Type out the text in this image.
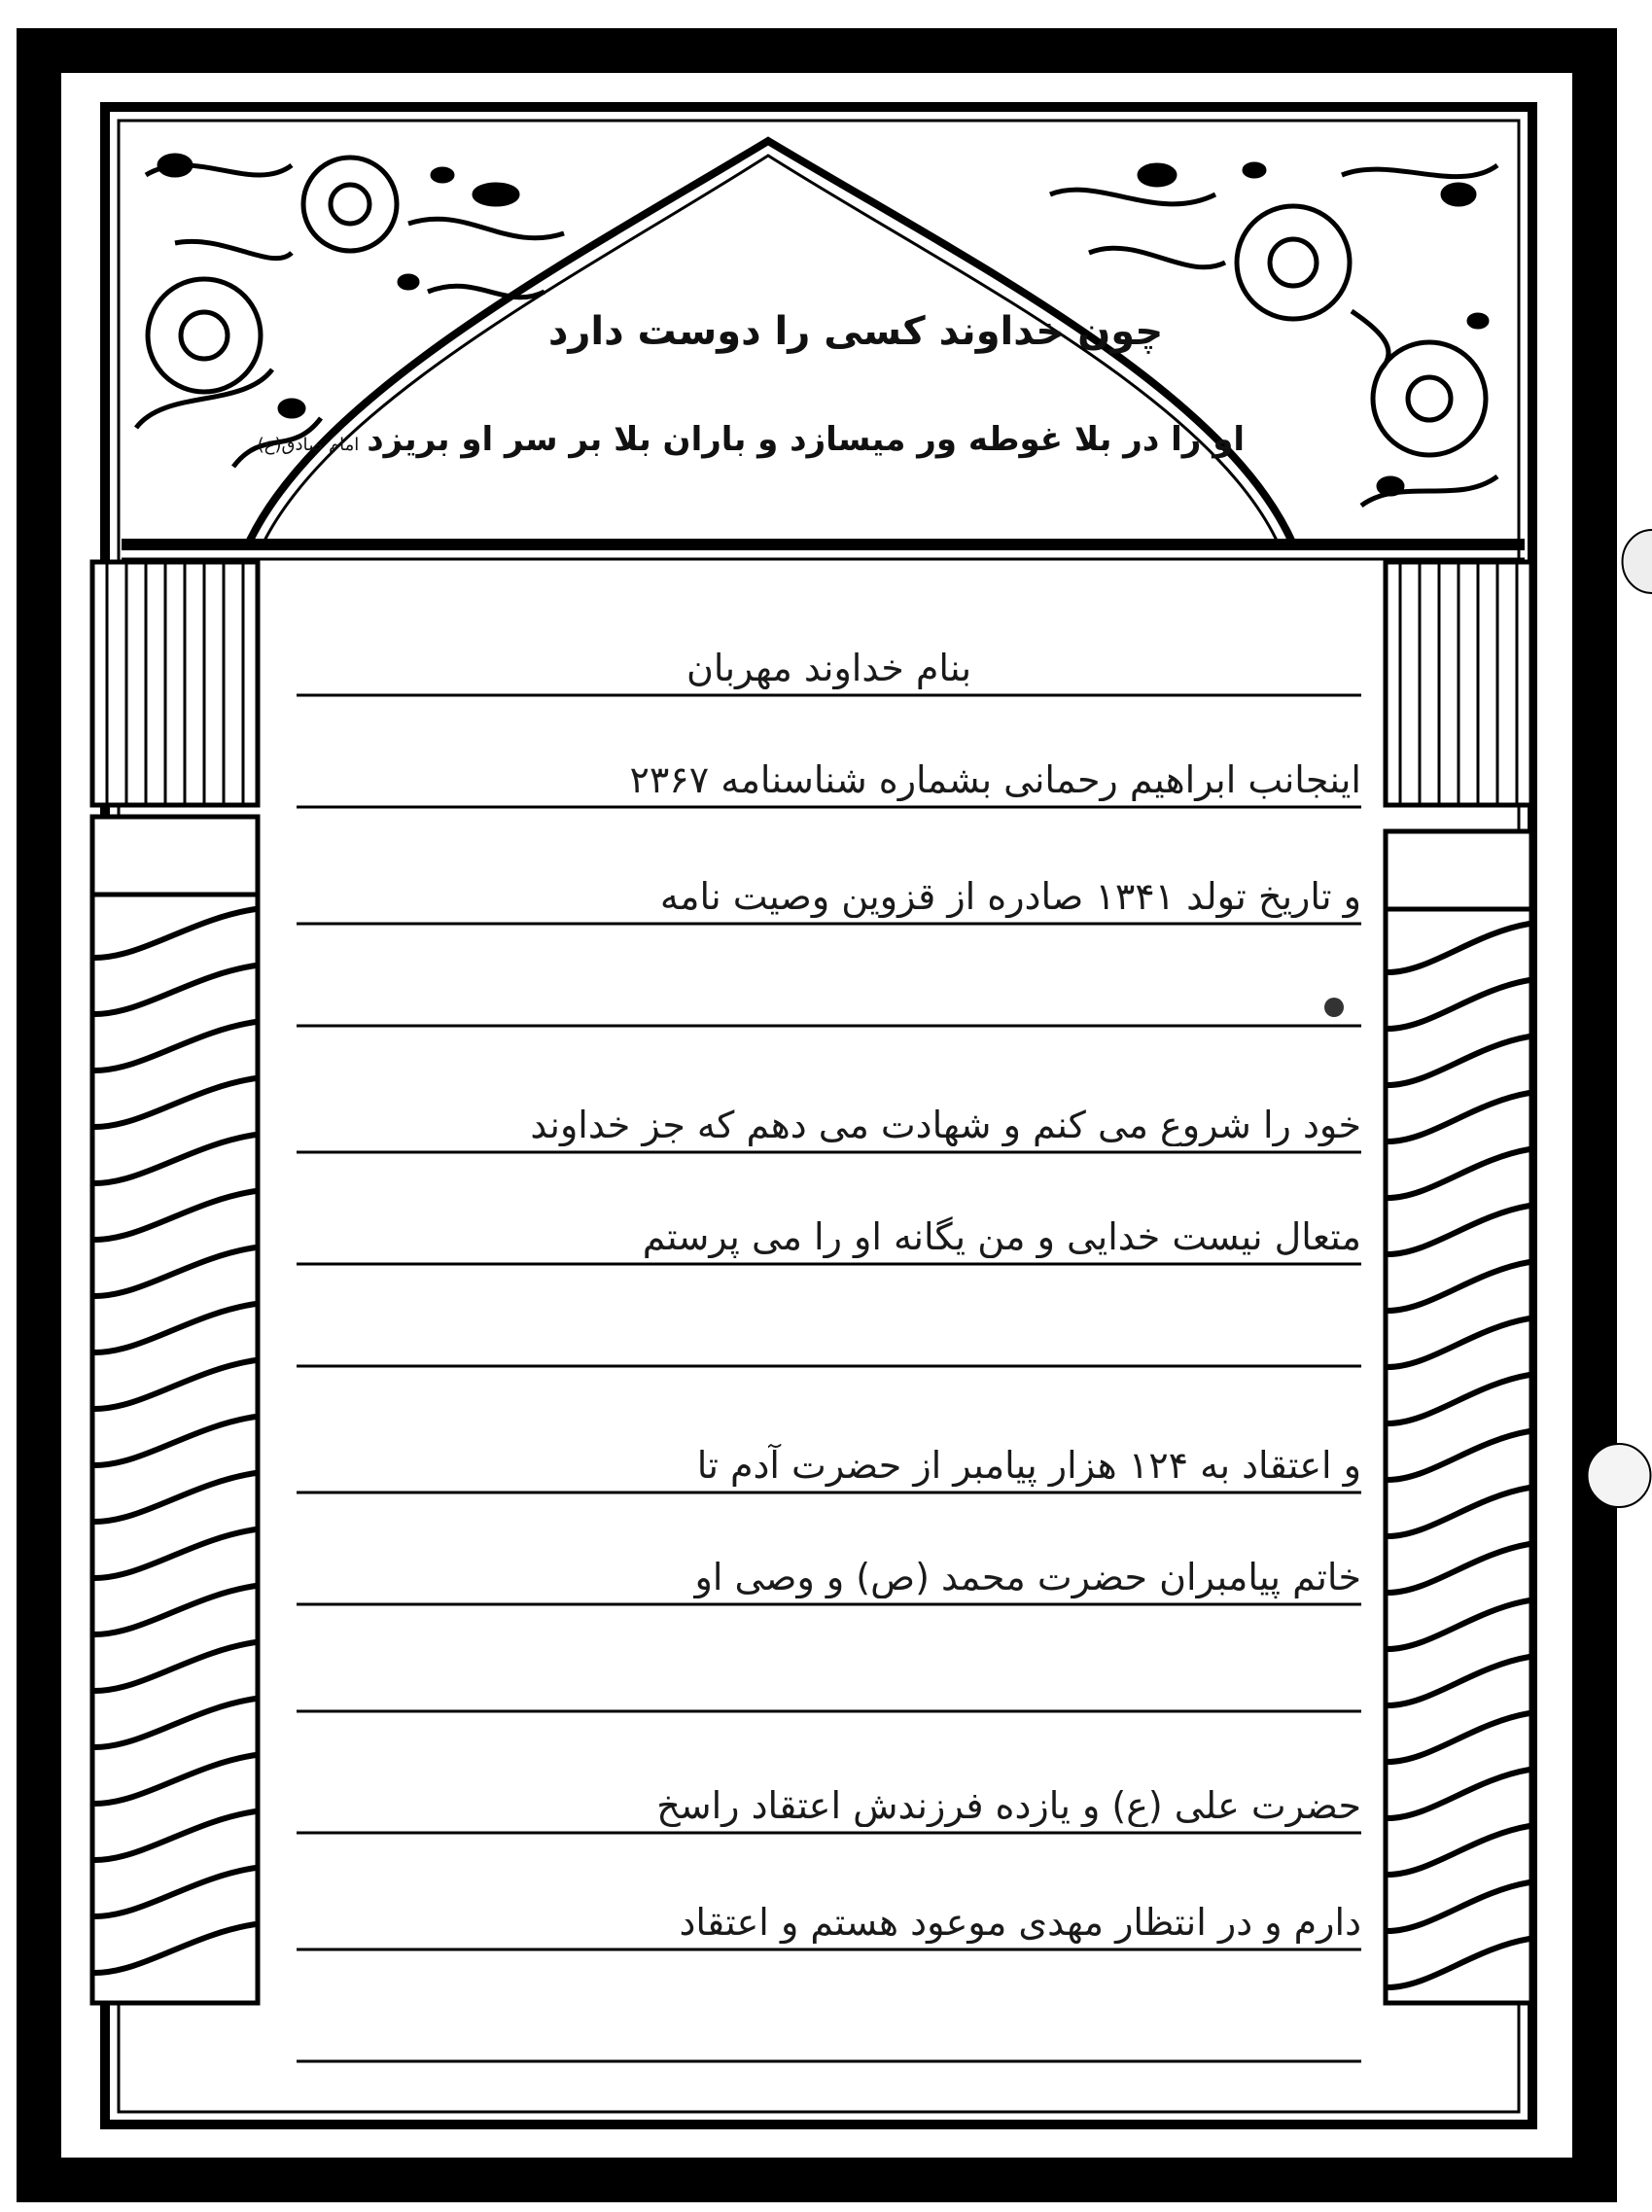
چون خداوند کسی را دوست دارد
او را در بلا غوطه ور میسازد و باران بلا بر سر او بریزدامام صادق(ع)
بنام خداوند مهربان
اینجانب ابراهیم رحمانی بشماره شناسنامه ۲۳۶۷
و تاریخ تولد ۱۳۴۱ صادره از قزوین وصیت نامه
خود را شروع می کنم و شهادت می دهم که جز خداوند
متعال نیست خدایی و من یگانه او را می پرستم
و اعتقاد به ۱۲۴ هزار پیامبر از حضرت آدم تا
خاتم پیامبران حضرت محمد (ص) و وصی او
حضرت علی (ع) و یازده فرزندش اعتقاد راسخ
دارم و در انتظار مهدی موعود هستم و اعتقاد
